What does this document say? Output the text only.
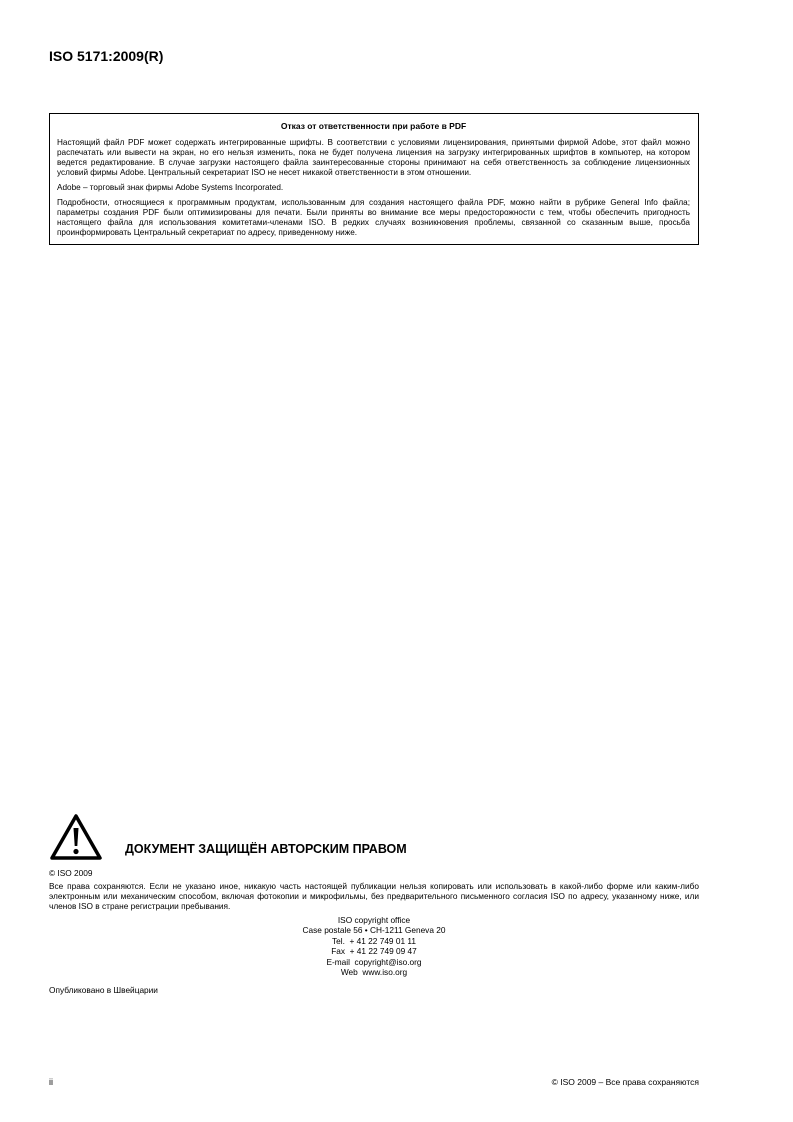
ISO 5171:2009(R)
Отказ от ответственности при работе в PDF

Настоящий файл PDF может содержать интегрированные шрифты. В соответствии с условиями лицензирования, принятыми фирмой Adobe, этот файл можно распечатать или вывести на экран, но его нельзя изменить, пока не будет получена лицензия на загрузку интегрированных шрифтов в компьютер, на котором ведется редактирование. В случае загрузки настоящего файла заинтересованные стороны принимают на себя ответственность за соблюдение лицензионных условий фирмы Adobe. Центральный секретариат ISO не несет никакой ответственности в этом отношении.

Adobe – торговый знак фирмы Adobe Systems Incorporated.

Подробности, относящиеся к программным продуктам, использованным для создания настоящего файла PDF, можно найти в рубрике General Info файла; параметры создания PDF были оптимизированы для печати. Были приняты во внимание все меры предосторожности с тем, чтобы обеспечить пригодность настоящего файла для использования комитетами-членами ISO. В редких случаях возникновения проблемы, связанной со сказанным выше, просьба проинформировать Центральный секретариат по адресу, приведенному ниже.

ДОКУМЕНТ ЗАЩИЩЁН АВТОРСКИМ ПРАВОМ
© ISO 2009

Все права сохраняются. Если не указано иное, никакую часть настоящей публикации нельзя копировать или использовать в какой-либо форме или каким-либо электронным или механическим способом, включая фотокопии и микрофильмы, без предварительного письменного согласия ISO по адресу, указанному ниже, или членов ISO в стране регистрации пребывания.

ISO copyright office
Case postale 56 • CH-1211 Geneva 20
Tel.  + 41 22 749 01 11
Fax  + 41 22 749 09 47
E-mail  copyright@iso.org
Web  www.iso.org
Опубликовано в Швейцарии
ii	© ISO 2009 – Все права сохраняются
